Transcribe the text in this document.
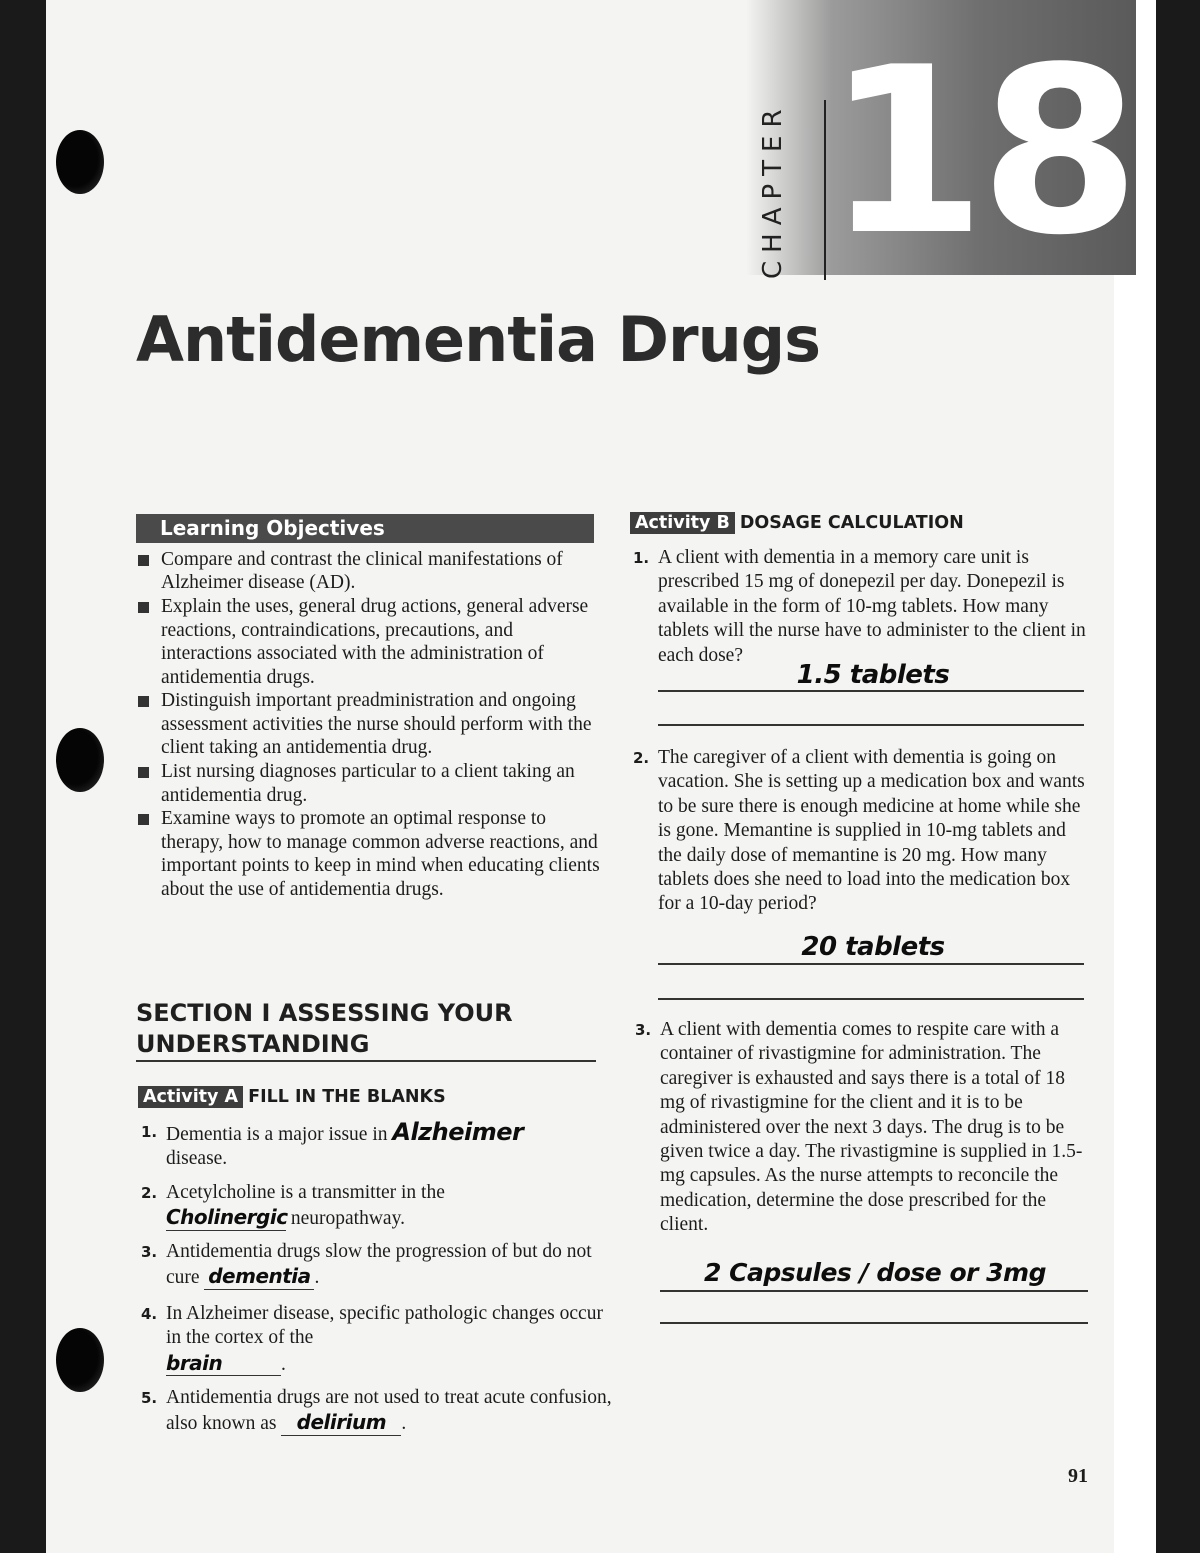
CHAPTER 18
Antidementia Drugs
Learning Objectives
Compare and contrast the clinical manifestations of Alzheimer disease (AD).
Explain the uses, general drug actions, general adverse reactions, contraindications, precautions, and interactions associated with the administration of antidementia drugs.
Distinguish important preadministration and ongoing assessment activities the nurse should perform with the client taking an antidementia drug.
List nursing diagnoses particular to a client taking an antidementia drug.
Examine ways to promote an optimal response to therapy, how to manage common adverse reactions, and important points to keep in mind when educating clients about the use of antidementia drugs.
SECTION I ASSESSING YOUR UNDERSTANDING
Activity A FILL IN THE BLANKS
1. Dementia is a major issue in Alzheimer
disease.
2. Acetylcholine is a transmitter in the
Cholinergic neuropathway.
3. Antidementia drugs slow the progression of but do not cure dementia .
4. In Alzheimer disease, specific pathologic changes occur in the cortex of the
brain	.
5. Antidementia drugs are not used to treat acute confusion, also known as delirium .
Activity B DOSAGE CALCULATION
1. A client with dementia in a memory care unit is prescribed 15 mg of donepezil per day. Donepezil is available in the form of 10-mg tablets. How many tablets will the nurse have to administer to the client in each dose?
1.5 tablets
2. The caregiver of a client with dementia is going on vacation. She is setting up a medication box and wants to be sure there is enough medicine at home while she is gone. Memantine is supplied in 10-mg tablets and the daily dose of memantine is 20 mg. How many tablets does she need to load into the medication box for a 10-day period?
20 tablets
3. A client with dementia comes to respite care with a container of rivastigmine for administration. The caregiver is exhausted and says there is a total of 18 mg of rivastigmine for the client and it is to be administered over the next 3 days. The drug is to be given twice a day. The rivastigmine is supplied in 1.5-mg capsules. As the nurse attempts to reconcile the medication, determine the dose prescribed for the client.
2 Capsules / dose or 3mg
91
